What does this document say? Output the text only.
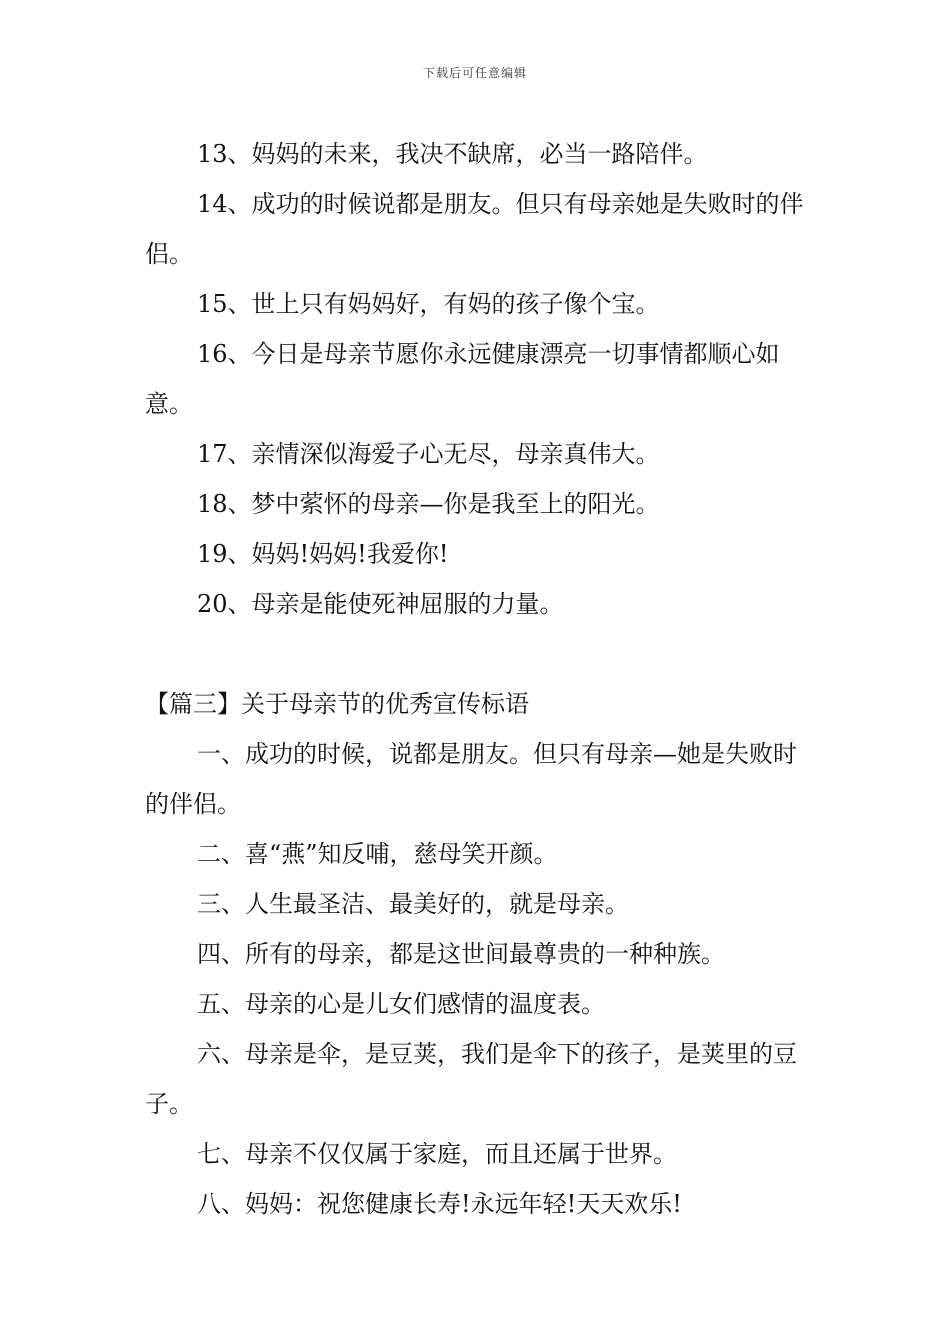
下载后可任意编辑

13、妈妈的未来，我决不缺席，必当一路陪伴。

14、成功的时候说都是朋友。但只有母亲她是失败时的伴侣。

15、世上只有妈妈好，有妈的孩子像个宝。

16、今日是母亲节愿你永远健康漂亮一切事情都顺心如意。

17、亲情深似海爱子心无尽，母亲真伟大。

18、梦中萦怀的母亲—你是我至上的阳光。

19、妈妈!妈妈!我爱你!

20、母亲是能使死神屈服的力量。

【篇三】关于母亲节的优秀宣传标语

一、成功的时候，说都是朋友。但只有母亲—她是失败时的伴侣。

二、喜“燕”知反哺，慈母笑开颜。

三、人生最圣洁、最美好的，就是母亲。

四、所有的母亲，都是这世间最尊贵的一种种族。

五、母亲的心是儿女们感情的温度表。

六、母亲是伞，是豆荚，我们是伞下的孩子，是荚里的豆子。

七、母亲不仅仅属于家庭，而且还属于世界。

八、妈妈：祝您健康长寿!永远年轻!天天欢乐!
